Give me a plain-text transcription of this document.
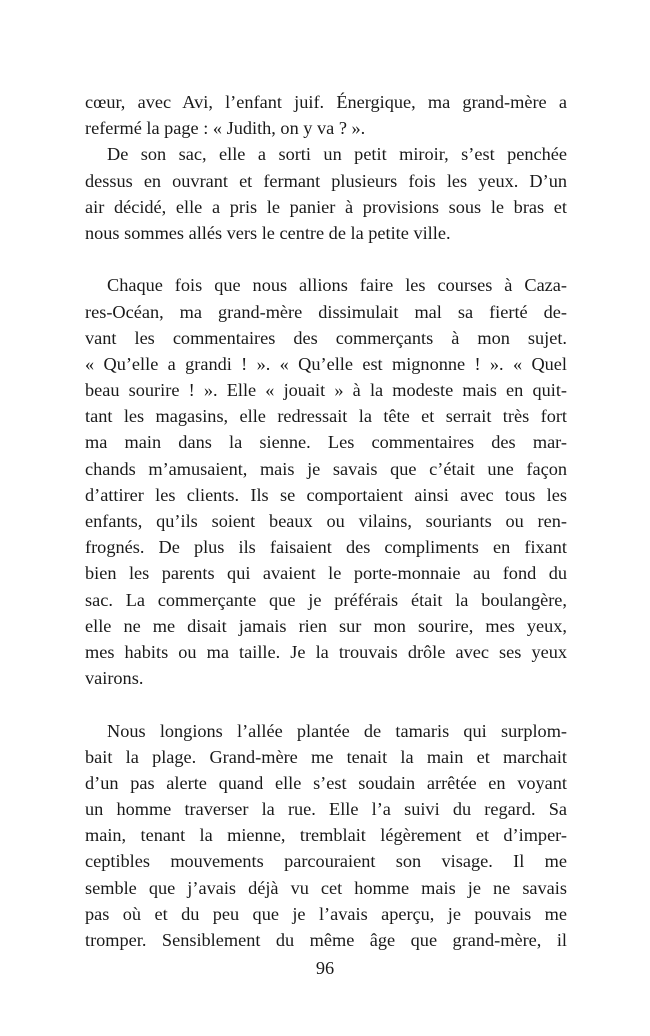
cœur, avec Avi, l’enfant juif. Énergique, ma grand-mère a
refermé la page : « Judith, on y va ? ».
De son sac, elle a sorti un petit miroir, s’est penchée
dessus en ouvrant et fermant plusieurs fois les yeux. D’un
air décidé, elle a pris le panier à provisions sous le bras et
nous sommes allés vers le centre de la petite ville.
Chaque fois que nous allions faire les courses à Caza-
res-Océan, ma grand-mère dissimulait mal sa fierté de-
vant les commentaires des commerçants à mon sujet.
« Qu’elle a grandi ! ». « Qu’elle est mignonne ! ». « Quel
beau sourire ! ». Elle « jouait » à la modeste mais en quit-
tant les magasins, elle redressait la tête et serrait très fort
ma main dans la sienne. Les commentaires des mar-
chands m’amusaient, mais je savais que c’était une façon
d’attirer les clients. Ils se comportaient ainsi avec tous les
enfants, qu’ils soient beaux ou vilains, souriants ou ren-
frognés. De plus ils faisaient des compliments en fixant
bien les parents qui avaient le porte-monnaie au fond du
sac. La commerçante que je préférais était la boulangère,
elle ne me disait jamais rien sur mon sourire, mes yeux,
mes habits ou ma taille. Je la trouvais drôle avec ses yeux
vairons.
Nous longions l’allée plantée de tamaris qui surplom-
bait la plage. Grand-mère me tenait la main et marchait
d’un pas alerte quand elle s’est soudain arrêtée en voyant
un homme traverser la rue. Elle l’a suivi du regard. Sa
main, tenant la mienne, tremblait légèrement et d’imper-
ceptibles mouvements parcouraient son visage. Il me
semble que j’avais déjà vu cet homme mais je ne savais
pas où et du peu que je l’avais aperçu, je pouvais me
tromper. Sensiblement du même âge que grand-mère, il
96
